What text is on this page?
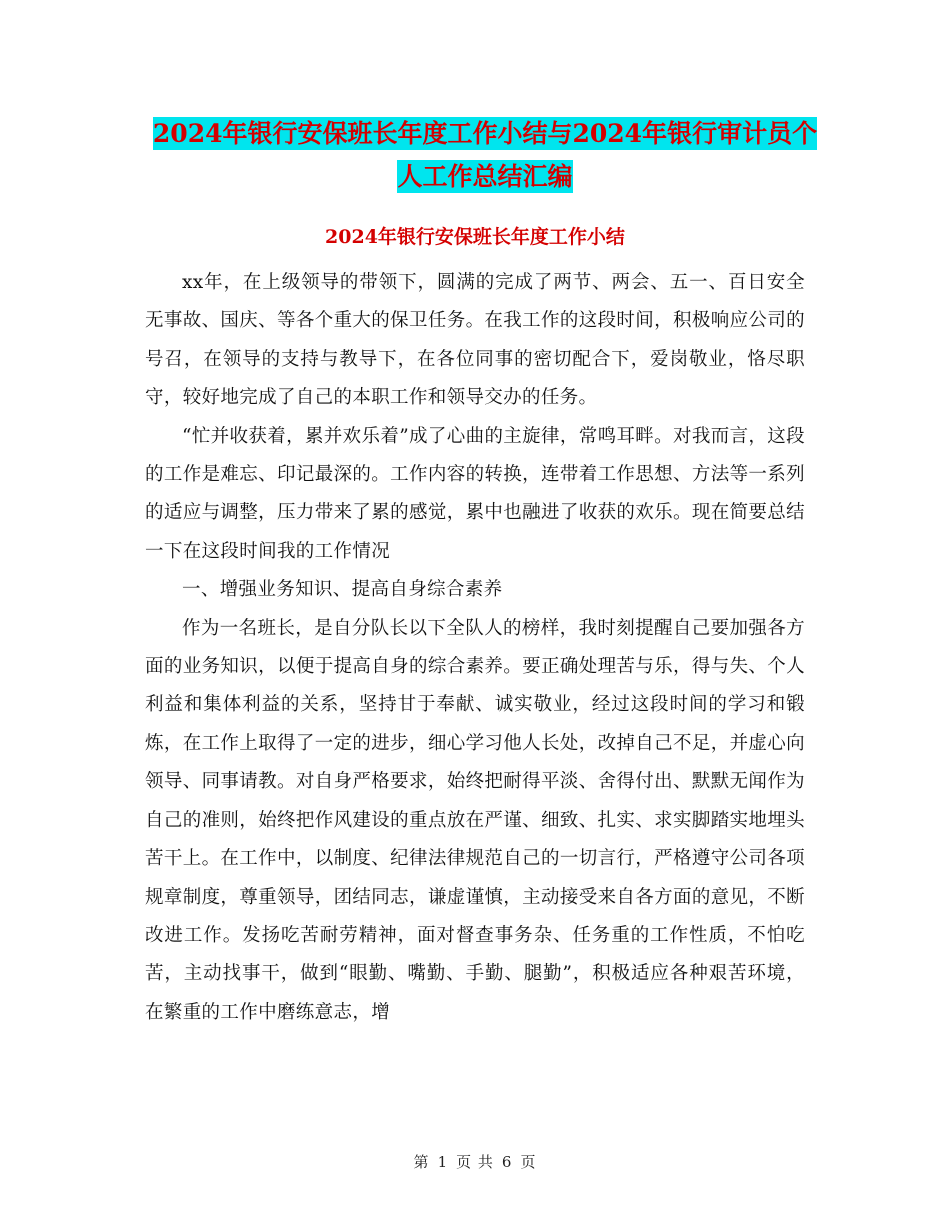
2024年银行安保班长年度工作小结与2024年银行审计员个人工作总结汇编
2024年银行安保班长年度工作小结

xx年，在上级领导的带领下，圆满的完成了两节、两会、五一、百日安全无事故、国庆、等各个重大的保卫任务。在我工作的这段时间，积极响应公司的号召，在领导的支持与教导下，在各位同事的密切配合下，爱岗敬业，恪尽职守，较好地完成了自己的本职工作和领导交办的任务。

“忙并收获着，累并欢乐着”成了心曲的主旋律，常鸣耳畔。对我而言，这段的工作是难忘、印记最深的。工作内容的转换，连带着工作思想、方法等一系列的适应与调整，压力带来了累的感觉，累中也融进了收获的欢乐。现在简要总结一下在这段时间我的工作情况

一、增强业务知识、提高自身综合素养

作为一名班长，是自分队长以下全队人的榜样，我时刻提醒自己要加强各方面的业务知识，以便于提高自身的综合素养。要正确处理苦与乐，得与失、个人利益和集体利益的关系，坚持甘于奉献、诚实敬业，经过这段时间的学习和锻炼，在工作上取得了一定的进步，细心学习他人长处，改掉自己不足，并虚心向领导、同事请教。对自身严格要求，始终把耐得平淡、舍得付出、默默无闻作为自己的准则，始终把作风建设的重点放在严谨、细致、扎实、求实脚踏实地埋头苦干上。在工作中，以制度、纪律法律规范自己的一切言行，严格遵守公司各项规章制度，尊重领导，团结同志，谦虚谨慎，主动接受来自各方面的意见，不断改进工作。发扬吃苦耐劳精神，面对督查事务杂、任务重的工作性质，不怕吃苦，主动找事干，做到“眼勤、嘴勤、手勤、腿勤”，积极适应各种艰苦环境，在繁重的工作中磨练意志，增

第 1 页 共 6 页
